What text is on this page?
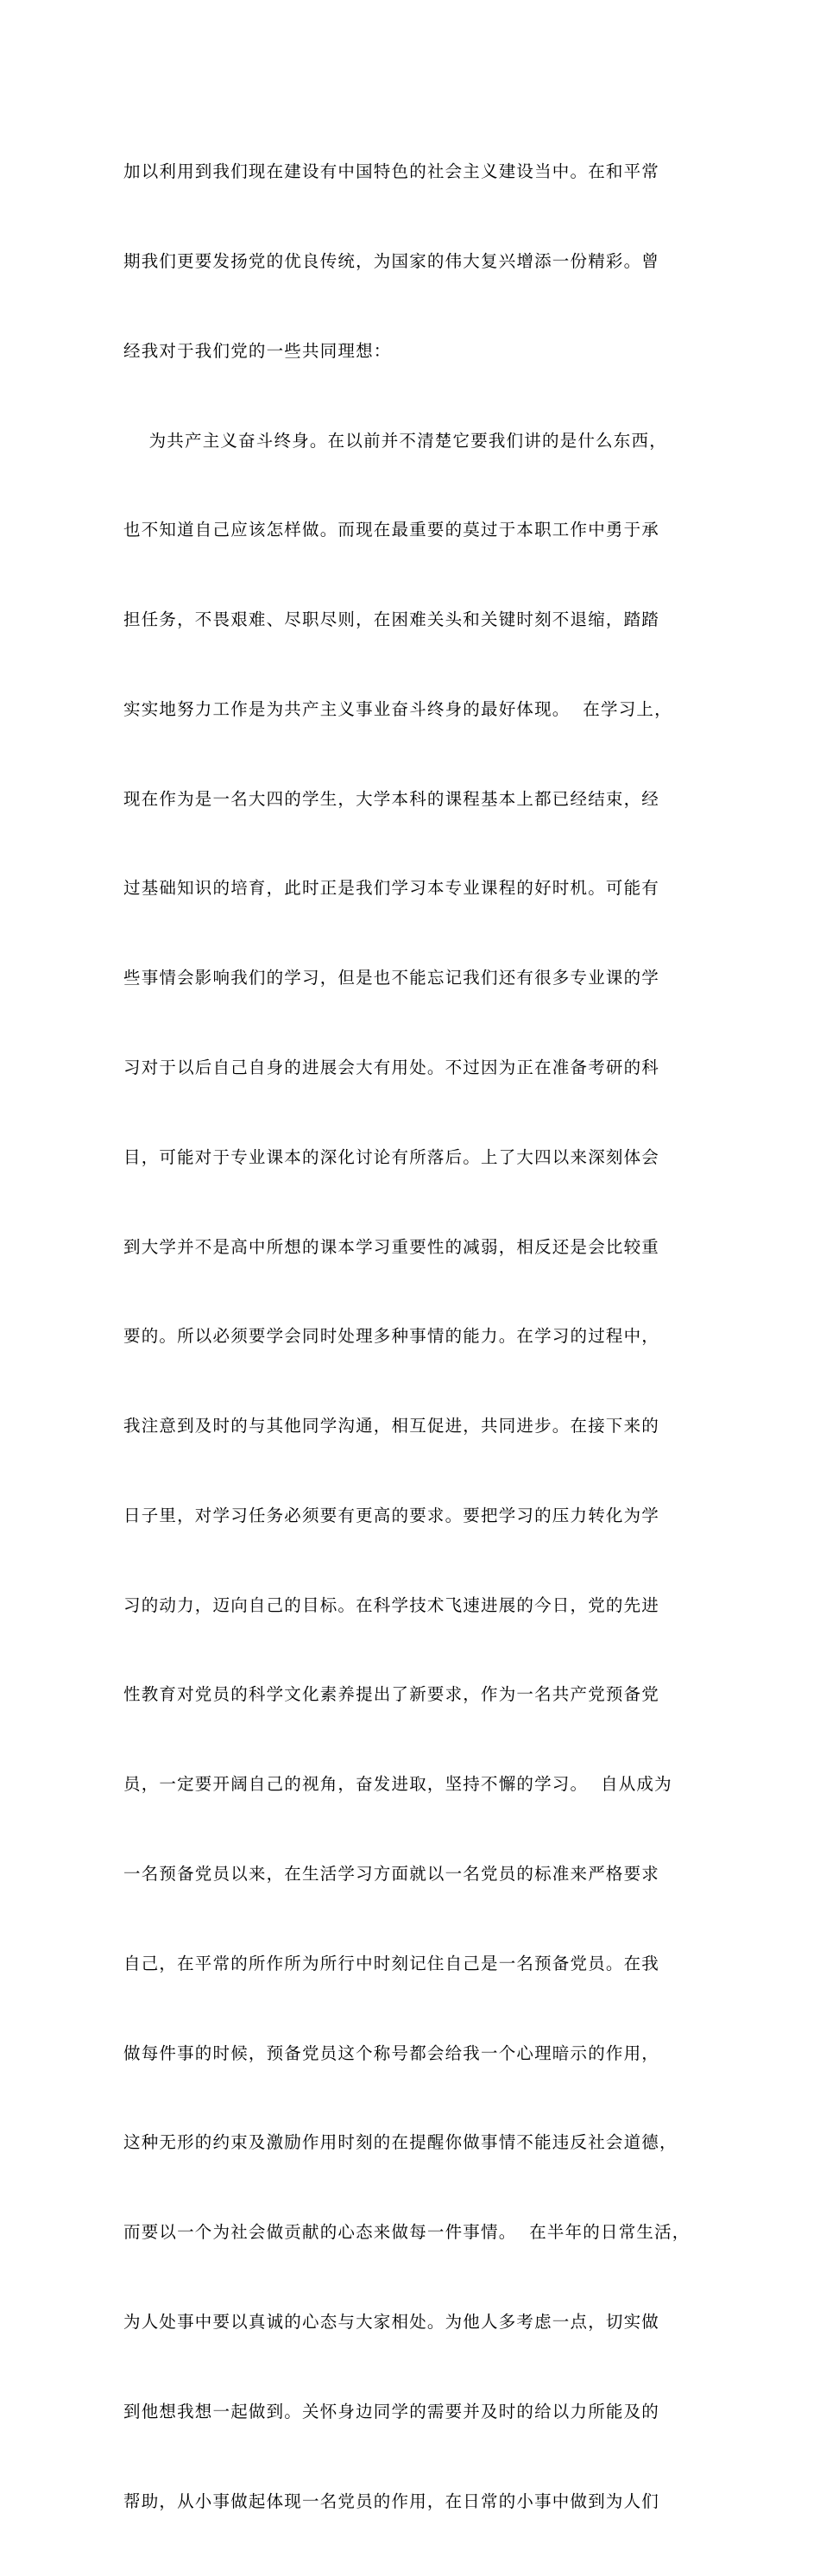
加以利用到我们现在建设有中国特色的社会主义建设当中。在和平常

期我们更要发扬党的优良传统，为国家的伟大复兴增添一份精彩。曾

经我对于我们党的一些共同理想：

为共产主义奋斗终身。在以前并不清楚它要我们讲的是什么东西，

也不知道自己应该怎样做。而现在最重要的莫过于本职工作中勇于承

担任务，不畏艰难、尽职尽则，在困难关头和关键时刻不退缩，踏踏

实实地努力工作是为共产主义事业奋斗终身的最好体现。  在学习上，

现在作为是一名大四的学生，大学本科的课程基本上都已经结束，经

过基础知识的培育，此时正是我们学习本专业课程的好时机。可能有

些事情会影响我们的学习，但是也不能忘记我们还有很多专业课的学

习对于以后自己自身的进展会大有用处。不过因为正在准备考研的科

目，可能对于专业课本的深化讨论有所落后。上了大四以来深刻体会

到大学并不是高中所想的课本学习重要性的减弱，相反还是会比较重

要的。所以必须要学会同时处理多种事情的能力。在学习的过程中，

我注意到及时的与其他同学沟通，相互促进，共同进步。在接下来的

日子里，对学习任务必须要有更高的要求。要把学习的压力转化为学

习的动力，迈向自己的目标。在科学技术飞速进展的今日，党的先进

性教育对党员的科学文化素养提出了新要求，作为一名共产党预备党

员，一定要开阔自己的视角，奋发进取，坚持不懈的学习。  自从成为

一名预备党员以来，在生活学习方面就以一名党员的标准来严格要求

自己，在平常的所作所为所行中时刻记住自己是一名预备党员。在我

做每件事的时候，预备党员这个称号都会给我一个心理暗示的作用，

这种无形的约束及激励作用时刻的在提醒你做事情不能违反社会道德，

而要以一个为社会做贡献的心态来做每一件事情。  在半年的日常生活，

为人处事中要以真诚的心态与大家相处。为他人多考虑一点，切实做

到他想我想一起做到。关怀身边同学的需要并及时的给以力所能及的

帮助，从小事做起体现一名党员的作用，在日常的小事中做到为人们
